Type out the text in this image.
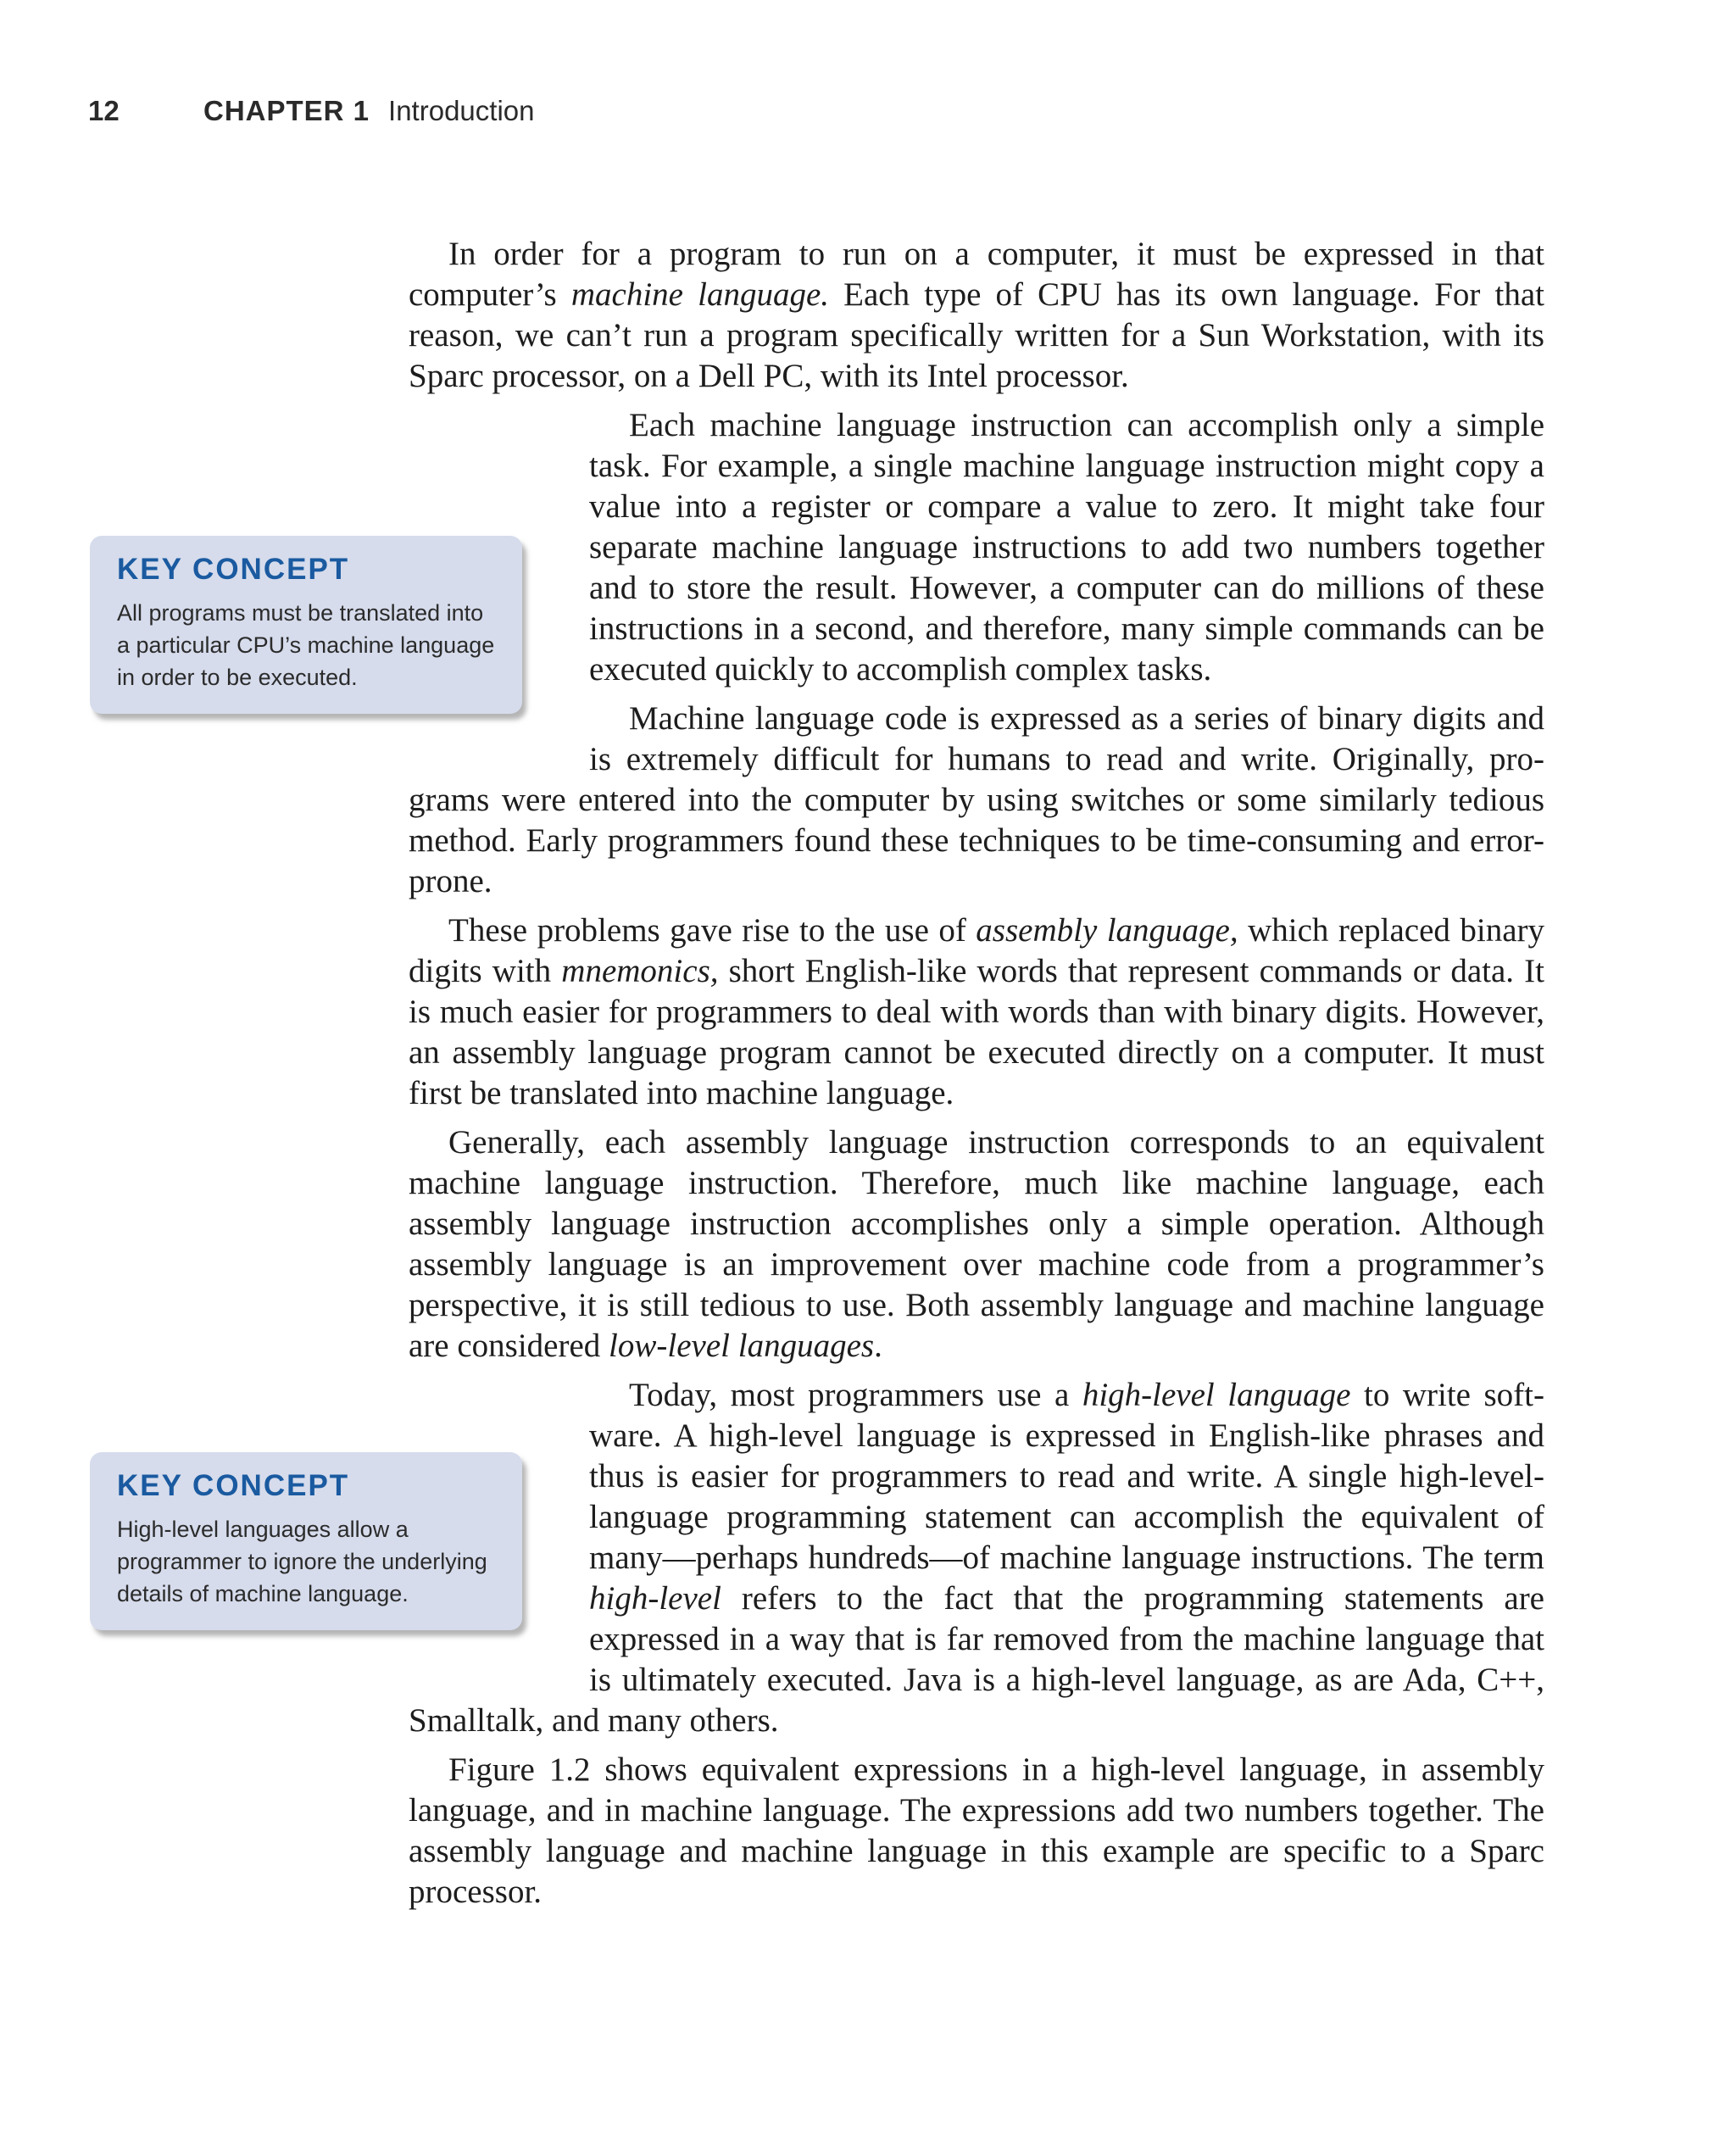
12	CHAPTER 1 Introduction

KEY CONCEPT

All programs must be translated into a particular CPU’s machine language in order to be executed.

KEY CONCEPT

High-level languages allow a programmer to ignore the underlying details of machine language.

In order for a program to run on a computer, it must be expressed in that computer’s machine language. Each type of CPU has its own language. For that reason, we can’t run a program specifically written for a Sun Workstation, with its Sparc processor, on a Dell PC, with its Intel processor.

Each machine language instruction can accomplish only a simple task. For example, a single machine language instruction might copy a value into a register or compare a value to zero. It might take four separate machine language instructions to add two numbers together and to store the result. However, a computer can do millions of these instructions in a second, and therefore, many simple commands can be executed quickly to accomplish complex tasks.

Machine language code is expressed as a series of binary digits and is extremely difficult for humans to read and write. Originally, programs were entered into the computer by using switches or some similarly tedious method. Early programmers found these techniques to be time-consuming and error-prone.

These problems gave rise to the use of assembly language, which replaced binary digits with mnemonics, short English-like words that represent commands or data. It is much easier for programmers to deal with words than with binary digits. However, an assembly language program cannot be executed directly on a computer. It must first be translated into machine language.

Generally, each assembly language instruction corresponds to an equivalent machine language instruction. Therefore, much like machine language, each assembly language instruction accomplishes only a simple operation. Although assembly language is an improvement over machine code from a programmer’s perspective, it is still tedious to use. Both assembly language and machine language are considered low-level languages.

Today, most programmers use a high-level language to write software. A high-level language is expressed in English-like phrases and thus is easier for programmers to read and write. A single high-level-language programming statement can accomplish the equivalent of many—perhaps hundreds—of machine language instructions. The term high-level refers to the fact that the programming statements are expressed in a way that is far removed from the machine language that is ultimately executed. Java is a high-level language, as are Ada, C++, Smalltalk, and many others.

Figure 1.2 shows equivalent expressions in a high-level language, in assembly language, and in machine language. The expressions add two numbers together. The assembly language and machine language in this example are specific to a Sparc processor.
